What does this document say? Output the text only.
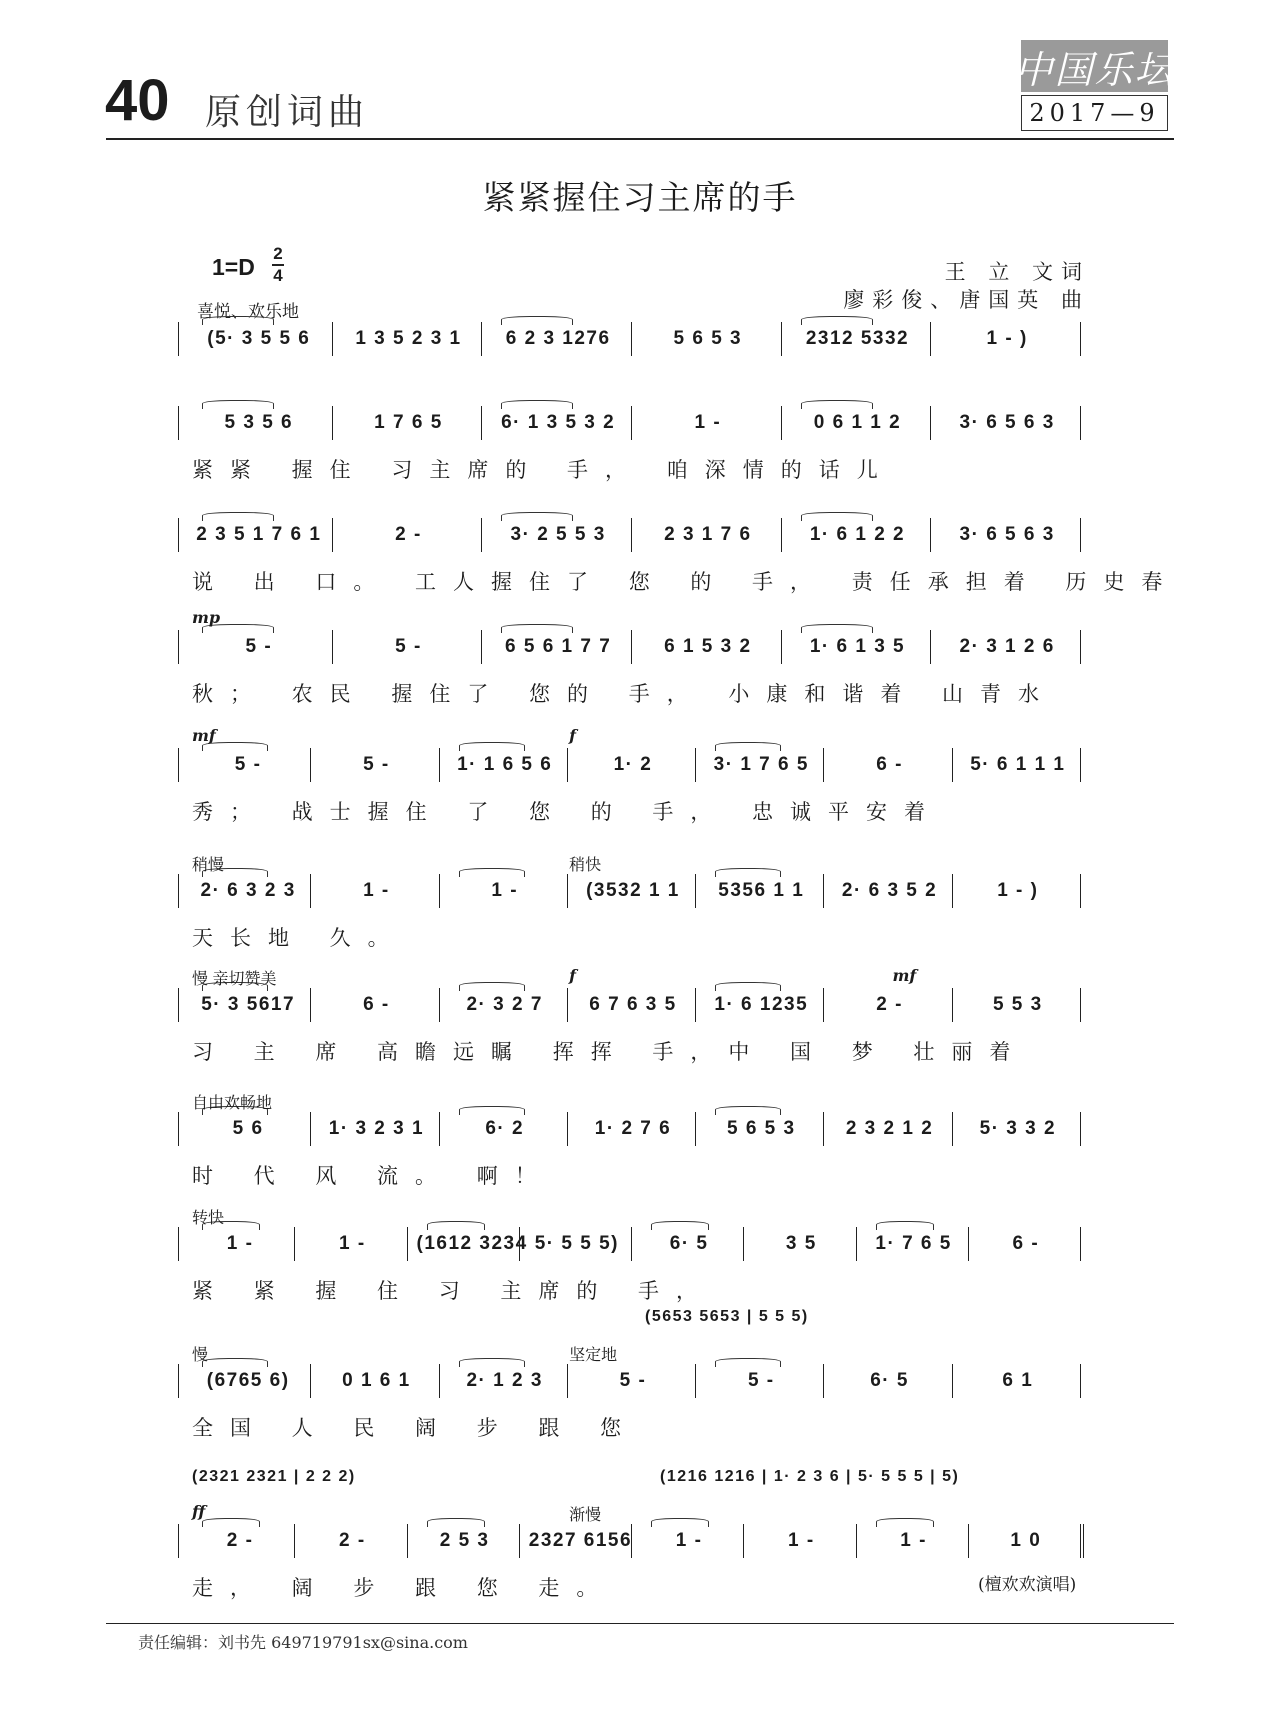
40 原创词曲
中国乐坛
2017—9
紧紧握住习主席的手
1=D
2
4
喜悦、欢乐地
王 立 文词
廖彩俊、唐国英 曲
(5· 3 5 5 6	1 3 5 2 3 1	6 2 3 1276	5 6 5 3	2312 5332	1 - )
5 3 5 6	1 7 6 5	6· 1 3 5 3 2	1 -	0 6 1 1 2	3· 6 5 6 3
紧紧 握住 习主席的 手， 咱深情的话儿
2 3 5 1 7 6 1	2 -	3· 2 5 5 3	2 3 1 7 6	1· 6 1 2 2	3· 6 5 6 3
说 出 口。 工人握住了 您 的 手， 责任承担着 历史春
5 -	5 -	6 5 6 1 7 7	6 1 5 3 2	1· 6 1 3 5	2· 3 1 2 6
秋； 农民 握住了 您的 手， 小康和谐着 山青水
mp
5 -	5 -	1· 1 6 5 6	1· 2	3· 1 7 6 5	6 -	5· 6 1 1 1
秀； 战士握住 了 您 的 手， 忠诚平安着
mf	f
2· 6 3 2 3	1 -	1 -	(3532 1 1	5356 1 1	2· 6 3 5 2	1 - )
天长地 久。
稍慢	稍快
5· 3 5617	6 -	2· 3 2 7	6 7 6 3 5	1· 6 1235	2 -	5 5 3
习 主 席 高瞻远瞩 挥挥 手，中 国 梦 壮丽着
慢 亲切赞美	f	mf
5 6	1· 3 2 3 1	6· 2	1· 2 7 6	5 6 5 3	2 3 2 1 2	5· 3 3 2
时 代 风 流。 啊！
自由欢畅地
1 -	1 -	(1612 3234 5· 5 5 5)	6· 5	3 5	1· 7 6 5	6 -
紧 紧 握 住 习 主席的 手，
转快
(6765 6)	0 1 6 1	2· 1 2 3	5 -	5 -	6· 5	6 1
全国 人 民 阔 步 跟 您
慢	坚定地
(5653 5653 | 5 5 5)
2 -	2 -	2 5 3	2327 6156	1 -	1 -	1 -	1 0
走， 阔 步 跟 您 走。
ff	渐慢
(2321 2321 | 2 2 2)	(1216 1216 | 1· 2 3 6 | 5· 5 5 5 | 5)
(檀欢欢演唱)
责任编辑：刘书先 649719791sx@sina.com
